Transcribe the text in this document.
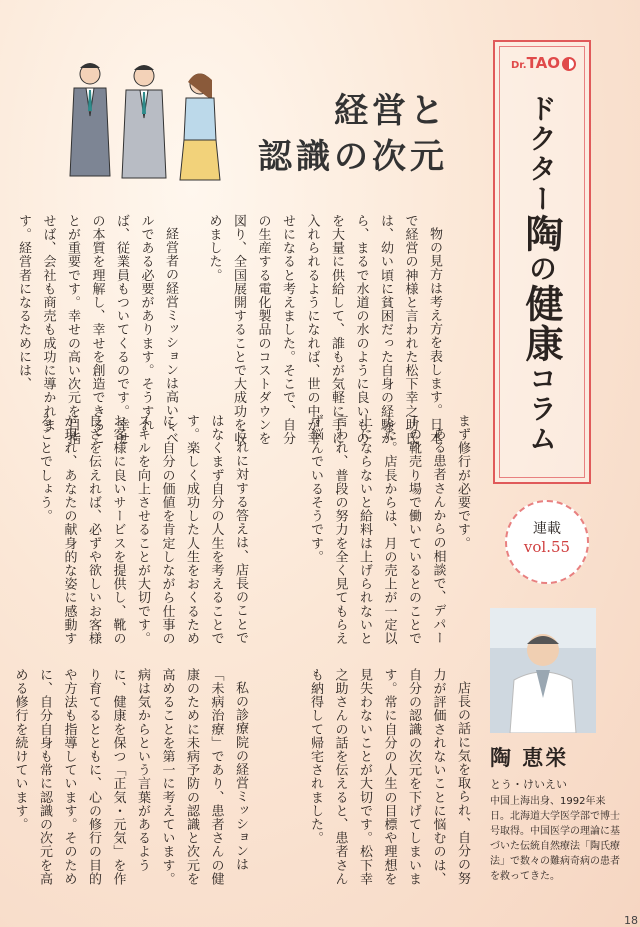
経営と
認識の次元
Dr.TAO
ドクター陶の健康コラム
連載
vol.55
陶 恵栄
とう・けいえい
中国上海出身、1992年来日。北海道大学医学部で博士号取得。中国医学の理論に基づいた伝統自然療法「陶氏療法」で数々の難病奇病の患者を救ってきた。

物の見方は考え方を表します。日本で経営の神様と言われた松下幸之助氏は、幼い頃に貧困だった自身の経験から、まるで水道の水のように良いものを大量に供給して、誰もが気軽に手に入れられるようになれば、世の中が幸せになると考えました。そこで、自分の生産する電化製品のコストダウンを図り、全国展開することで大成功を収めました。

経営者の経営ミッションは高いレベルである必要があります。そうすれば、従業員もついてくるのです。幸せの本質を理解し、幸せを創造できることが重要です。幸せの高い次元を目指せば、会社も商売も成功に導かれます。経営者になるためには、

まず修行が必要です。

ある患者さんからの相談で、デパートの靴売り場で働いているとのことでした。店長からは、月の売上が一定以上にならないと給料は上げられないと言われ、普段の努力を全く見てもらえず悩んでいるそうです。

これに対する答えは、店長のことではなくまず自分の人生を考えることです。楽しく成功した人生をおくるために、自分の価値を肯定しながら仕事のスキルを向上させることが大切です。お客様に良いサービスを提供し、靴の良さを伝えれば、必ずや欲しいお客様が現れ、あなたの献身的な姿に感動することでしょう。

店長の話に気を取られ、自分の努力が評価されないことに悩むのは、自分の認識の次元を下げてしまいます。常に自分の人生の目標や理想を見失わないことが大切です。松下幸之助さんの話を伝えると、患者さんも納得して帰宅されました。

私の診療院の経営ミッションは「未病治療」であり、患者さんの健康のために未病予防の認識と次元を高めることを第一に考えています。病は気からという言葉があるように、健康を保つ「正気・元気」を作り育てるとともに、心の修行の目的や方法も指導しています。そのために、自分自身も常に認識の次元を高める修行を続けています。

18
